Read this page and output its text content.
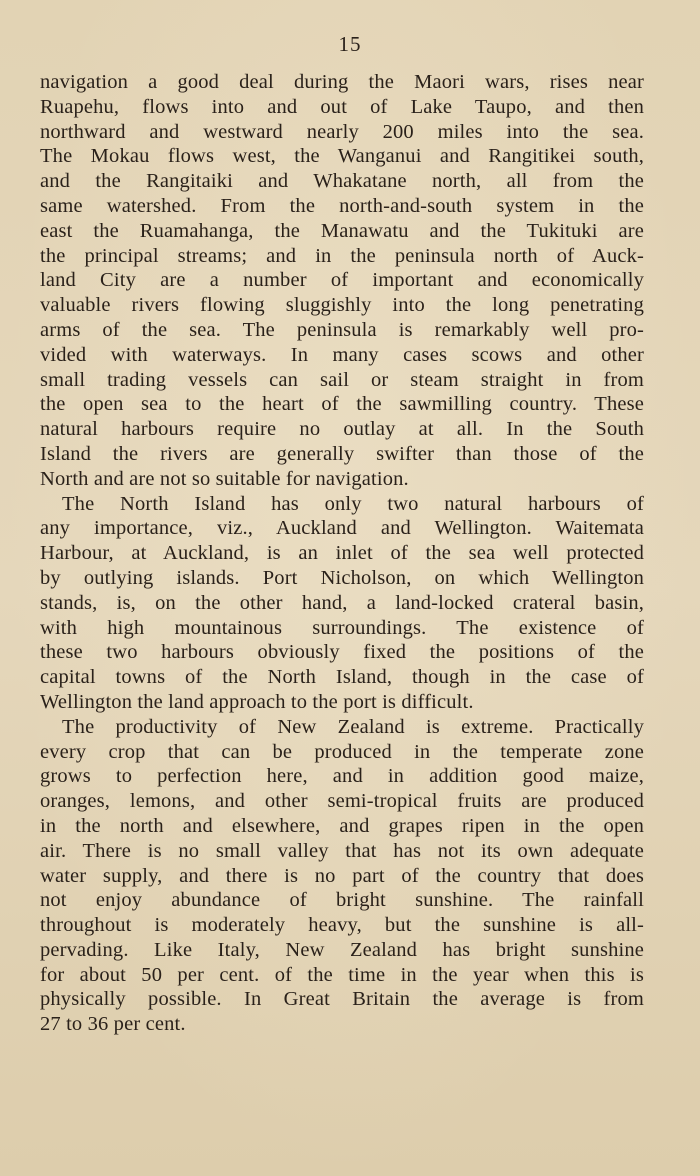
15
navigation a good deal during the Maori wars, rises near
Ruapehu, flows into and out of Lake Taupo, and then
northward and westward nearly 200 miles into the sea.
The Mokau flows west, the Wanganui and Rangitikei south,
and the Rangitaiki and Whakatane north, all from the
same watershed. From the north-and-south system in the
east the Ruamahanga, the Manawatu and the Tukituki are
the principal streams; and in the peninsula north of Auck-
land City are a number of important and economically
valuable rivers flowing sluggishly into the long penetrating
arms of the sea. The peninsula is remarkably well pro-
vided with waterways. In many cases scows and other
small trading vessels can sail or steam straight in from
the open sea to the heart of the sawmilling country. These
natural harbours require no outlay at all. In the South
Island the rivers are generally swifter than those of the
North and are not so suitable for navigation.
The North Island has only two natural harbours of
any importance, viz., Auckland and Wellington. Waitemata
Harbour, at Auckland, is an inlet of the sea well protected
by outlying islands. Port Nicholson, on which Wellington
stands, is, on the other hand, a land-locked crateral basin,
with high mountainous surroundings. The existence of
these two harbours obviously fixed the positions of the
capital towns of the North Island, though in the case of
Wellington the land approach to the port is difficult.
The productivity of New Zealand is extreme. Practically
every crop that can be produced in the temperate zone
grows to perfection here, and in addition good maize,
oranges, lemons, and other semi-tropical fruits are produced
in the north and elsewhere, and grapes ripen in the open
air. There is no small valley that has not its own adequate
water supply, and there is no part of the country that does
not enjoy abundance of bright sunshine. The rainfall
throughout is moderately heavy, but the sunshine is all-
pervading. Like Italy, New Zealand has bright sunshine
for about 50 per cent. of the time in the year when this is
physically possible. In Great Britain the average is from
27 to 36 per cent.
